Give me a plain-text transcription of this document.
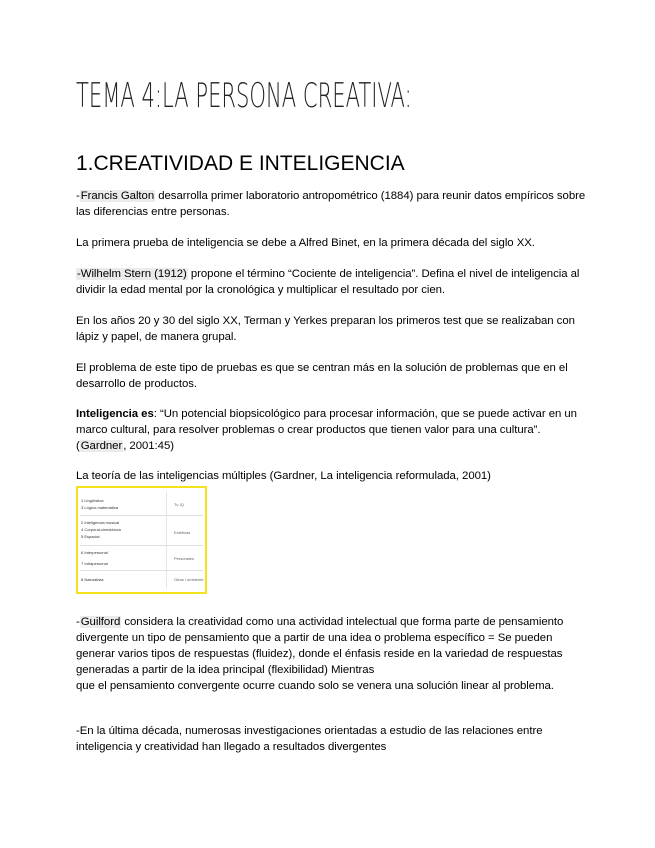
TEMA 4:LA PERSONA CREATIVA:
1.CREATIVIDAD E INTELIGENCIA
-Francis Galton desarrolla primer laboratorio antropométrico (1884) para reunir datos empíricos sobre las diferencias entre personas.
La primera prueba de inteligencia se debe a Alfred Binet, en la primera década del siglo XX.
-Wilhelm Stern (1912) propone el término “Cociente de inteligencia”. Defina el nivel de inteligencia al dividir la edad mental por la cronológica y multiplicar el resultado por cien.
En los años 20 y 30 del siglo XX, Terman y Yerkes preparan los primeros test que se realizaban con lápiz y papel, de manera grupal.
El problema de este tipo de pruebas es que se centran más en la solución de problemas que en el desarrollo de productos.
Inteligencia es: “Un potencial biopsicológico para procesar información, que se puede activar en un marco cultural, para resolver problemas o crear productos que tienen valor para una cultura”. (Gardner, 2001:45)
La teoría de las inteligencias múltiples (Gardner, La inteligencia reformulada, 2001)
1 Lingüística
3 Lógico-matemática
Tu IQ
2 Inteligencia musical
4 Corporal-cinestésica
5 Espacial
Estéticas
6 Interpersonal
7 Intrapersonal
Personales
8 Naturalista	Otras / ambiente
-Guilford considera la creatividad como una actividad intelectual que forma parte de pensamiento divergente un tipo de pensamiento que a partir de una idea o problema específico = Se pueden generar varios tipos de respuestas (fluidez), donde el énfasis reside en la variedad de respuestas generadas a partir de la idea principal (flexibilidad) Mientras
que el pensamiento convergente ocurre cuando solo se venera una solución linear al problema.
-En la última década, numerosas investigaciones orientadas a estudio de las relaciones entre inteligencia y creatividad han llegado a resultados divergentes
